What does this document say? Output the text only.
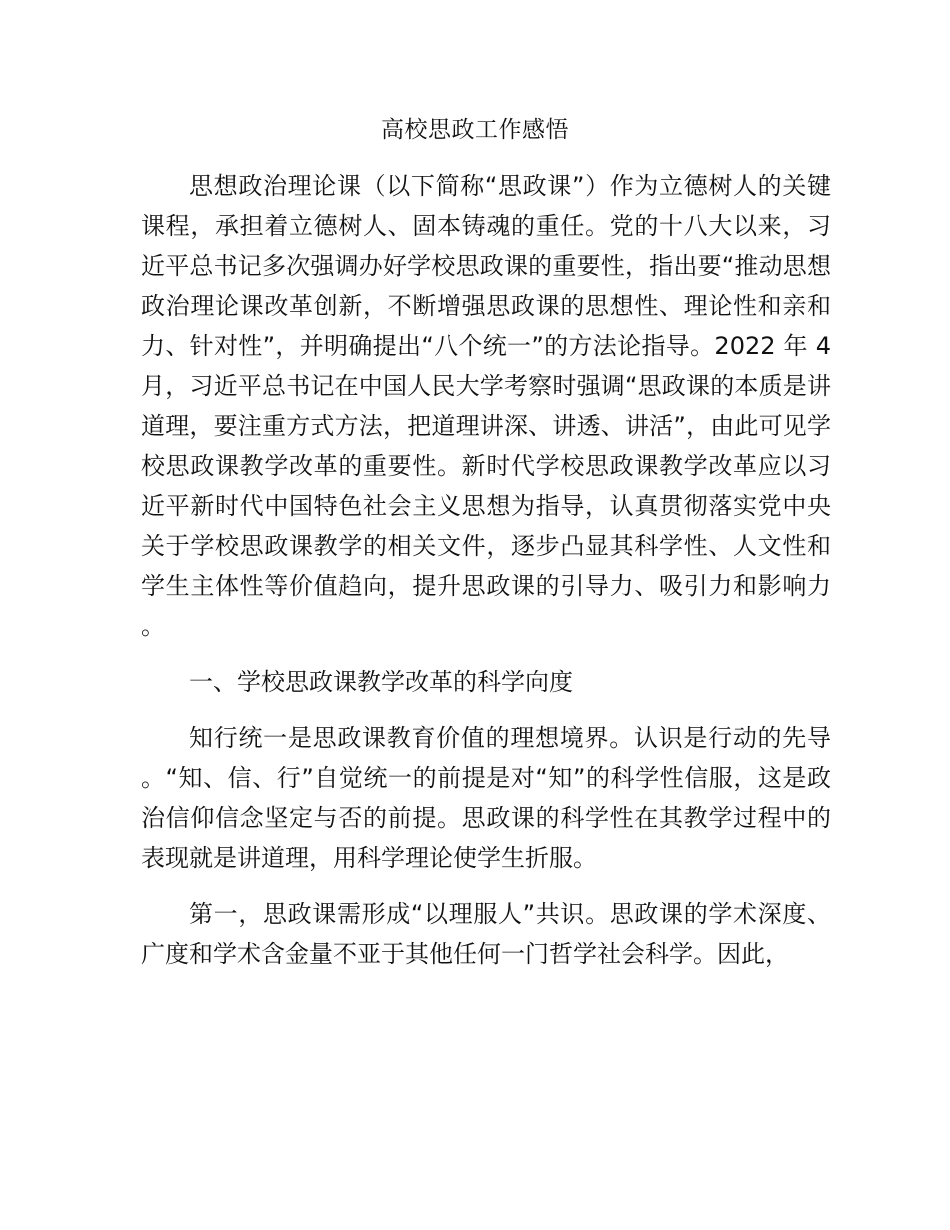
高校思政工作感悟

思想政治理论课（以下简称“思政课”）作为立德树人的关键课程，承担着立德树人、固本铸魂的重任。党的十八大以来，习近平总书记多次强调办好学校思政课的重要性，指出要“推动思想政治理论课改革创新，不断增强思政课的思想性、理论性和亲和力、针对性”，并明确提出“八个统一”的方法论指导。2022 年 4 月，习近平总书记在中国人民大学考察时强调“思政课的本质是讲道理，要注重方式方法，把道理讲深、讲透、讲活”，由此可见学校思政课教学改革的重要性。新时代学校思政课教学改革应以习近平新时代中国特色社会主义思想为指导，认真贯彻落实党中央关于学校思政课教学的相关文件，逐步凸显其科学性、人文性和学生主体性等价值趋向，提升思政课的引导力、吸引力和影响力。

一、学校思政课教学改革的科学向度

知行统一是思政课教育价值的理想境界。认识是行动的先导。“知、信、行”自觉统一的前提是对“知”的科学性信服，这是政治信仰信念坚定与否的前提。思政课的科学性在其教学过程中的表现就是讲道理，用科学理论使学生折服。

第一，思政课需形成“以理服人”共识。思政课的学术深度、广度和学术含金量不亚于其他任何一门哲学社会科学。因此，
